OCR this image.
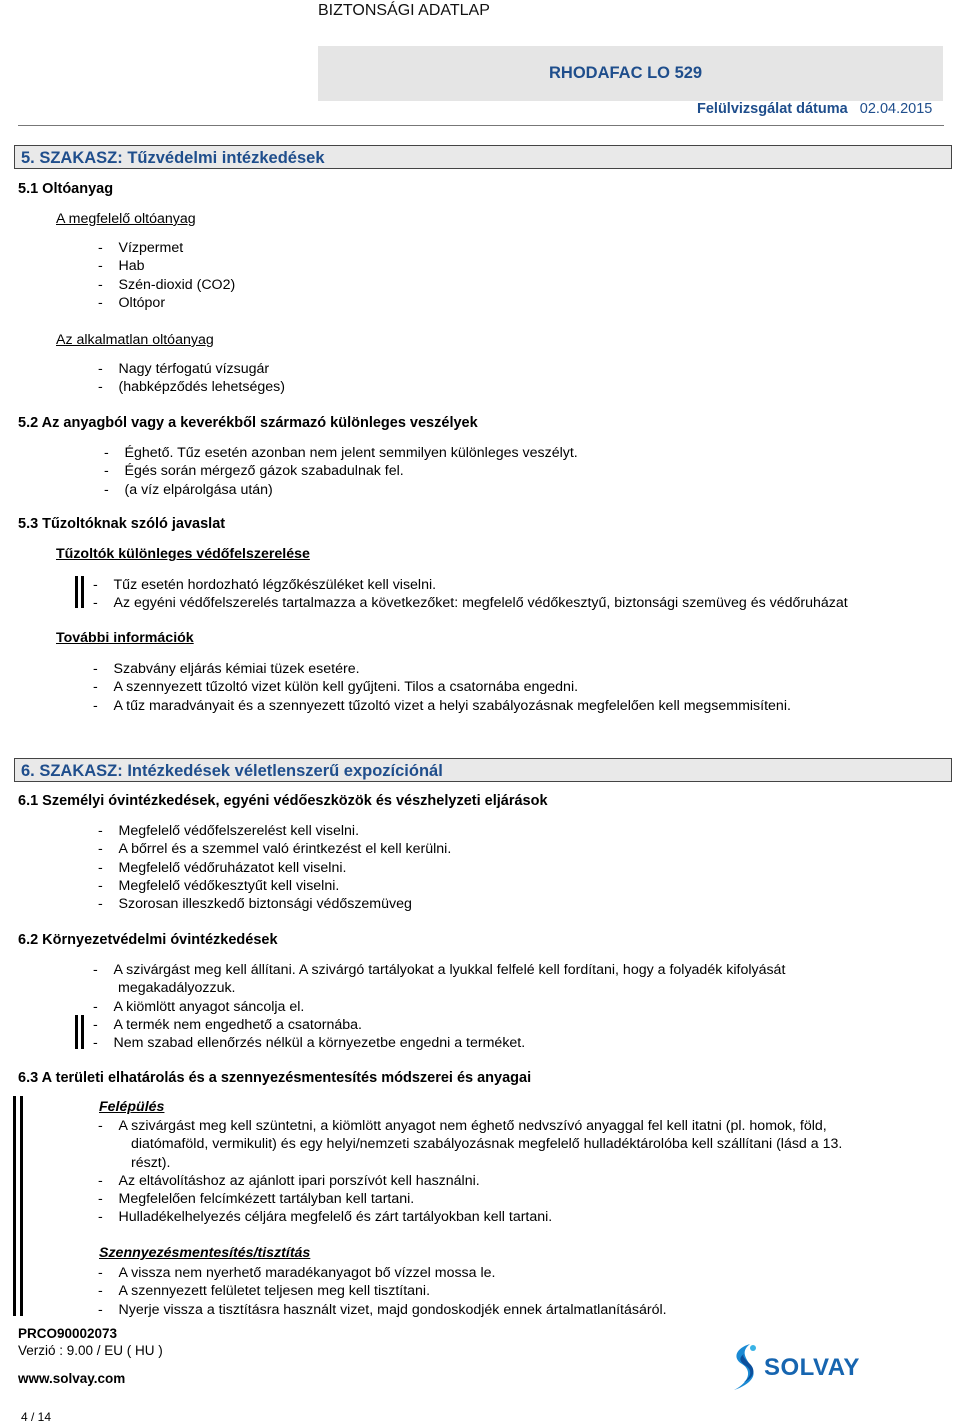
BIZTONSÁGI ADATLAP
RHODAFAC LO 529
Felülvizsgálat dátuma 02.04.2015
5. SZAKASZ: Tűzvédelmi intézkedések
5.1 Oltóanyag
A megfelelő oltóanyag
- Vízpermet
- Hab
- Szén-dioxid (CO2)
- Oltópor
Az alkalmatlan oltóanyag
- Nagy térfogatú vízsugár
- (habképződés lehetséges)
5.2 Az anyagból vagy a keverékből származó különleges veszélyek
- Éghető. Tűz esetén azonban nem jelent semmilyen különleges veszélyt.
- Égés során mérgező gázok szabadulnak fel.
- (a víz elpárolgása után)
5.3 Tűzoltóknak szóló javaslat
Tűzoltók különleges védőfelszerelése
- Tűz esetén hordozható légzőkészüléket kell viselni.
- Az egyéni védőfelszerelés tartalmazza a következőket: megfelelő védőkesztyű, biztonsági szemüveg és védőruházat
További információk
- Szabvány eljárás kémiai tüzek esetére.
- A szennyezett tűzoltó vizet külön kell gyűjteni. Tilos a csatornába engedni.
- A tűz maradványait és a szennyezett tűzoltó vizet a helyi szabályozásnak megfelelően kell megsemmisíteni.
6. SZAKASZ: Intézkedések véletlenszerű expozíciónál
6.1 Személyi óvintézkedések, egyéni védőeszközök és vészhelyzeti eljárások
- Megfelelő védőfelszerelést kell viselni.
- A bőrrel és a szemmel való érintkezést el kell kerülni.
- Megfelelő védőruházatot kell viselni.
- Megfelelő védőkesztyűt kell viselni.
- Szorosan illeszkedő biztonsági védőszemüveg
6.2 Környezetvédelmi óvintézkedések
- A szivárgást meg kell állítani. A szivárgó tartályokat a lyukkal felfelé kell fordítani, hogy a folyadék kifolyását
megakadályozzuk.
- A kiömlött anyagot sáncolja el.
- A termék nem engedhető a csatornába.
- Nem szabad ellenőrzés nélkül a környezetbe engedni a terméket.
6.3 A területi elhatárolás és a szennyezésmentesítés módszerei és anyagai
Felépülés
- A szivárgást meg kell szüntetni, a kiömlött anyagot nem éghető nedvszívó anyaggal fel kell itatni (pl. homok, föld,
diatómaföld, vermikulit) és egy helyi/nemzeti szabályozásnak megfelelő hulladéktárolóba kell szállítani (lásd a 13.
részt).
- Az eltávolításhoz az ajánlott ipari porszívót kell használni.
- Megfelelően felcímkézett tartályban kell tartani.
- Hulladékelhelyezés céljára megfelelő és zárt tartályokban kell tartani.
Szennyezésmentesítés/tisztítás
- A vissza nem nyerhető maradékanyagot bő vízzel mossa le.
- A szennyezett felületet teljesen meg kell tisztítani.
- Nyerje vissza a tisztításra használt vizet, majd gondoskodjék ennek ártalmatlanításáról.
PRCO90002073
Verzió : 9.00 / EU ( HU )
www.solvay.com
4 / 14
SOLVAY
